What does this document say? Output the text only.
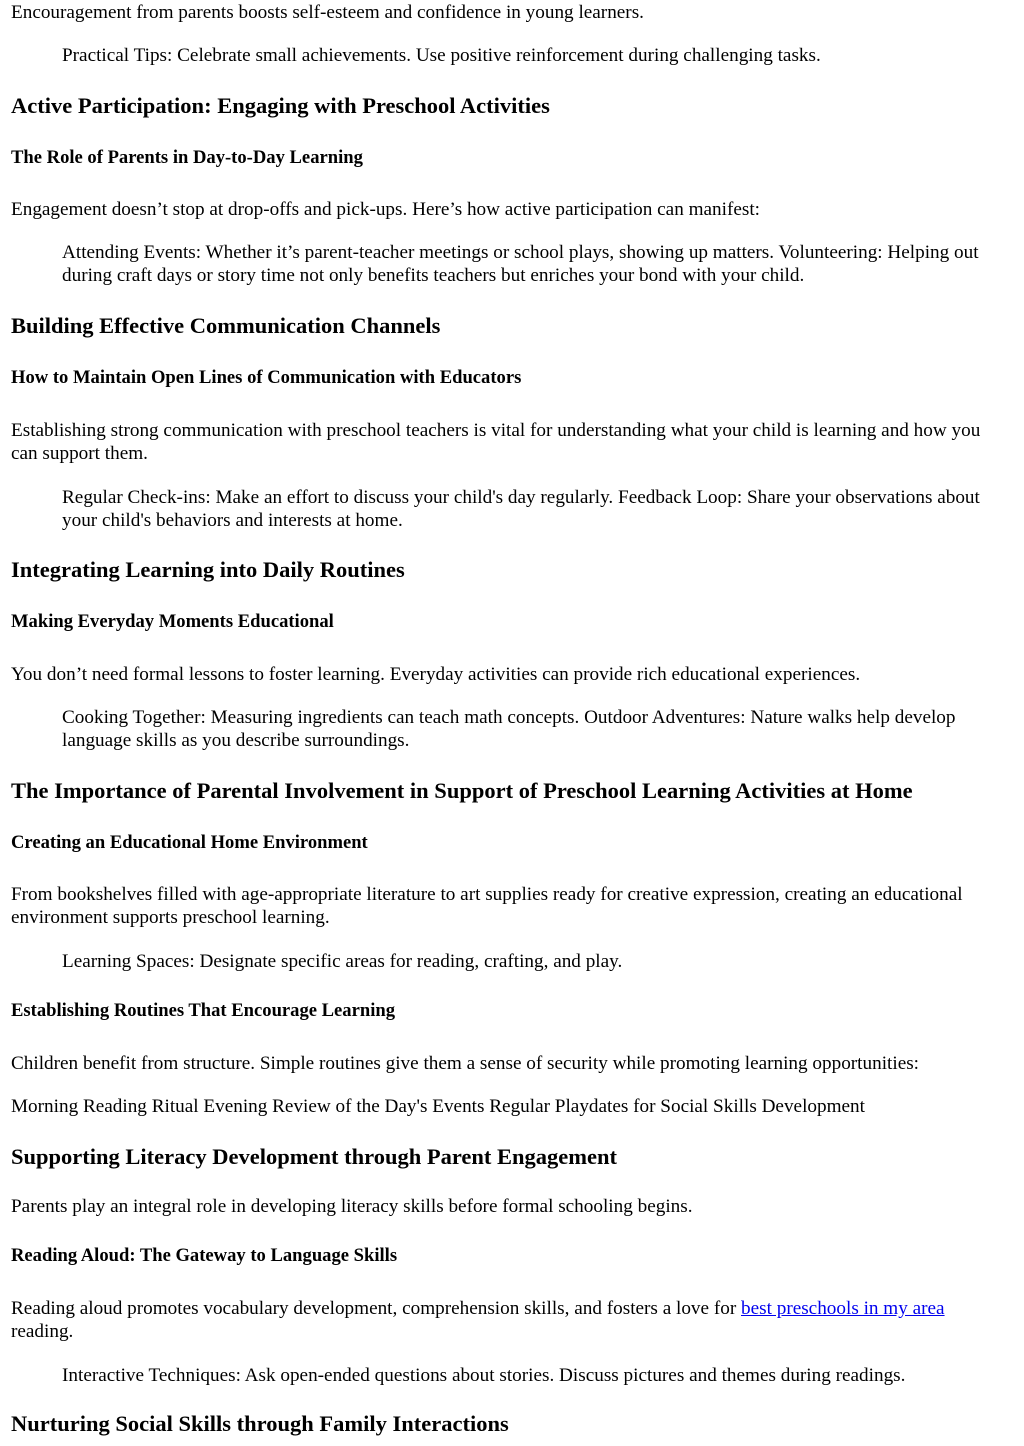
Encouragement from parents boosts self-esteem and confidence in young learners.

Practical Tips: Celebrate small achievements. Use positive reinforcement during challenging tasks.
Active Participation: Engaging with Preschool Activities
The Role of Parents in Day-to-Day Learning

Engagement doesn’t stop at drop-offs and pick-ups. Here’s how active participation can manifest:

Attending Events: Whether it’s parent-teacher meetings or school plays, showing up matters. Volunteering: Helping out during craft days or story time not only benefits teachers but enriches your bond with your child.
Building Effective Communication Channels
How to Maintain Open Lines of Communication with Educators

Establishing strong communication with preschool teachers is vital for understanding what your child is learning and how you can support them.

Regular Check-ins: Make an effort to discuss your child's day regularly. Feedback Loop: Share your observations about your child's behaviors and interests at home.
Integrating Learning into Daily Routines
Making Everyday Moments Educational

You don’t need formal lessons to foster learning. Everyday activities can provide rich educational experiences.

Cooking Together: Measuring ingredients can teach math concepts. Outdoor Adventures: Nature walks help develop language skills as you describe surroundings.
The Importance of Parental Involvement in Support of Preschool Learning Activities at Home
Creating an Educational Home Environment

From bookshelves filled with age-appropriate literature to art supplies ready for creative expression, creating an educational environment supports preschool learning.

Learning Spaces: Designate specific areas for reading, crafting, and play.
Establishing Routines That Encourage Learning

Children benefit from structure. Simple routines give them a sense of security while promoting learning opportunities:

Morning Reading Ritual Evening Review of the Day's Events Regular Playdates for Social Skills Development

Supporting Literacy Development through Parent Engagement

Parents play an integral role in developing literacy skills before formal schooling begins.

Reading Aloud: The Gateway to Language Skills

Reading aloud promotes vocabulary development, comprehension skills, and fosters a love for best preschools in my area reading.

Interactive Techniques: Ask open-ended questions about stories. Discuss pictures and themes during readings.
Nurturing Social Skills through Family Interactions
